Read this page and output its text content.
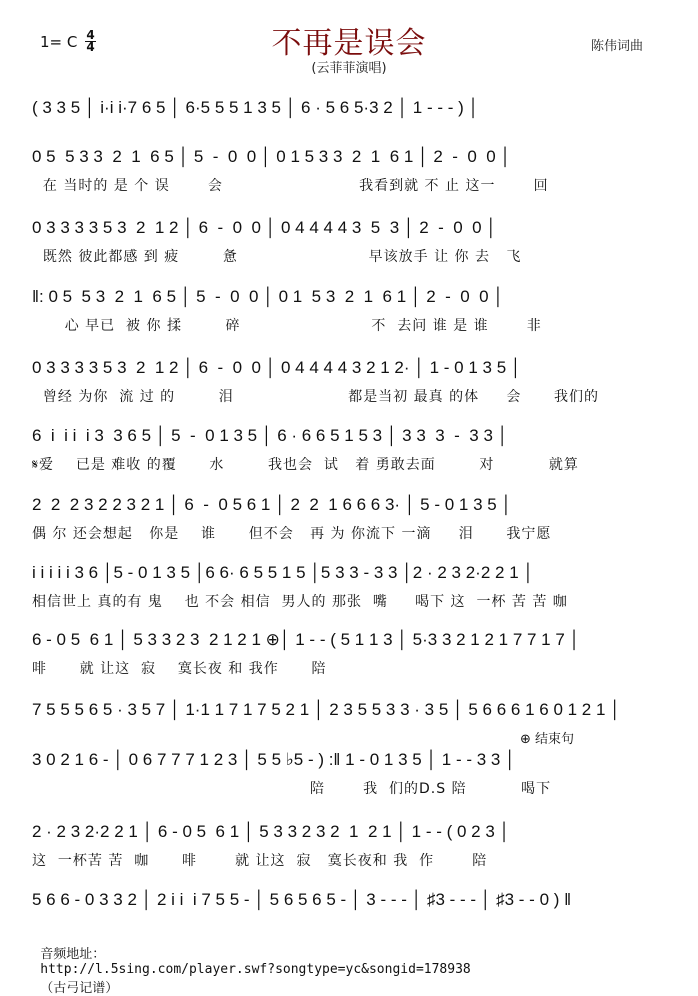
1= C $\frac{4}{4}$	不再是误会
(云菲菲演唱)
陈伟词曲
( 3 3 5 │ i·i i·7 6 5 │ 6·5 5 5 1 3 5 │ 6 · 5 6 5·3 2 │ 1 - - - ) │
0 5  5 3 3  2  1  6 5 │ 5  -  0  0 │ 0 1 5 3 3  2  1  6 1 │ 2  -  0  0 │
在 当时的 是 个 误       会                         我看到就 不 止 这一       回
0 3 3 3 3 5 3  2  1 2 │ 6  -  0  0 │ 0 4 4 4 4 3  5  3 │ 2  -  0  0 │
既然 彼此都感 到 疲        惫                        早该放手 让 你 去   飞
‖: 0 5  5 3  2  1  6 5 │ 5  -  0  0 │ 0 1  5 3  2  1  6 1 │ 2  -  0  0 │
心 早已  被 你 揉        碎                        不  去问 谁 是 谁       非
0 3 3 3 3 5 3  2  1 2 │ 6  -  0  0 │ 0 4 4 4 4 3 2 1 2· │ 1 - 0 1 3 5 │
曾经 为你  流 过 的        泪                     都是当初 最真 的体     会      我们的
6  i  i i  i 3  3 6 5 │ 5  -  0 1 3 5 │ 6 · 6 6 5 1 5 3 │ 3 3  3  -  3 3 │
𝄋爱    已是 难收 的覆      水        我也会  试   着 勇敢去面        对          就算
2  2  2 3 2 2 3 2 1 │ 6  -  0 5 6 1 │ 2  2  1 6 6 6 3· │ 5 - 0 1 3 5 │
偶 尔 还会想起   你是    谁      但不会   再 为 你流下 一滴     泪      我宁愿
i i i i i 3 6 │5 - 0 1 3 5 │6 6· 6 5 5 1 5 │5 3 3 - 3 3 │2 · 2 3 2·2 2 1 │
相信世上 真的有 鬼    也 不会 相信  男人的 那张  嘴     喝下 这  一杯 苦 苦 咖
6 - 0 5  6 1 │ 5 3 3 2 3  2 1 2 1 ⊕│ 1 - - ( 5 1 1 3 │ 5·3 3 2 1 2 1 7 7 1 7 │
啡      就 让这  寂    寞长夜 和 我作      陪
7 5 5 5 6 5 · 3 5 7 │ 1·1 1 7 1 7 5 2 1 │ 2 3 5 5 3 3 · 3 5 │ 5 6 6 6 1 6 0 1 2 1 │
⊕ 结束句
3 0 2 1 6 - │ 0 6 7 7 7 1 2 3 │ 5 5 ♭5 - ) :‖ 1 - 0 1 3 5 │ 1 - - 3 3 │
陪       我  们的D.S 陪          喝下
2 · 2 3 2·2 2 1 │ 6 - 0 5  6 1 │ 5 3 3 2 3 2  1  2 1 │ 1 - - ( 0 2 3 │
这  一杯苦 苦  咖      啡       就 让这  寂   寞长夜和 我  作       陪
5 6 6 - 0 3 3 2 │ 2 i i  i 7 5 5 - │ 5 6 5 6 5 - │ 3 - - - │ ♯3 - - - │ ♯3 - - 0 ) ‖

音频地址：
http://l.5sing.com/player.swf?songtype=yc&songid=178938
（古弓记谱）
